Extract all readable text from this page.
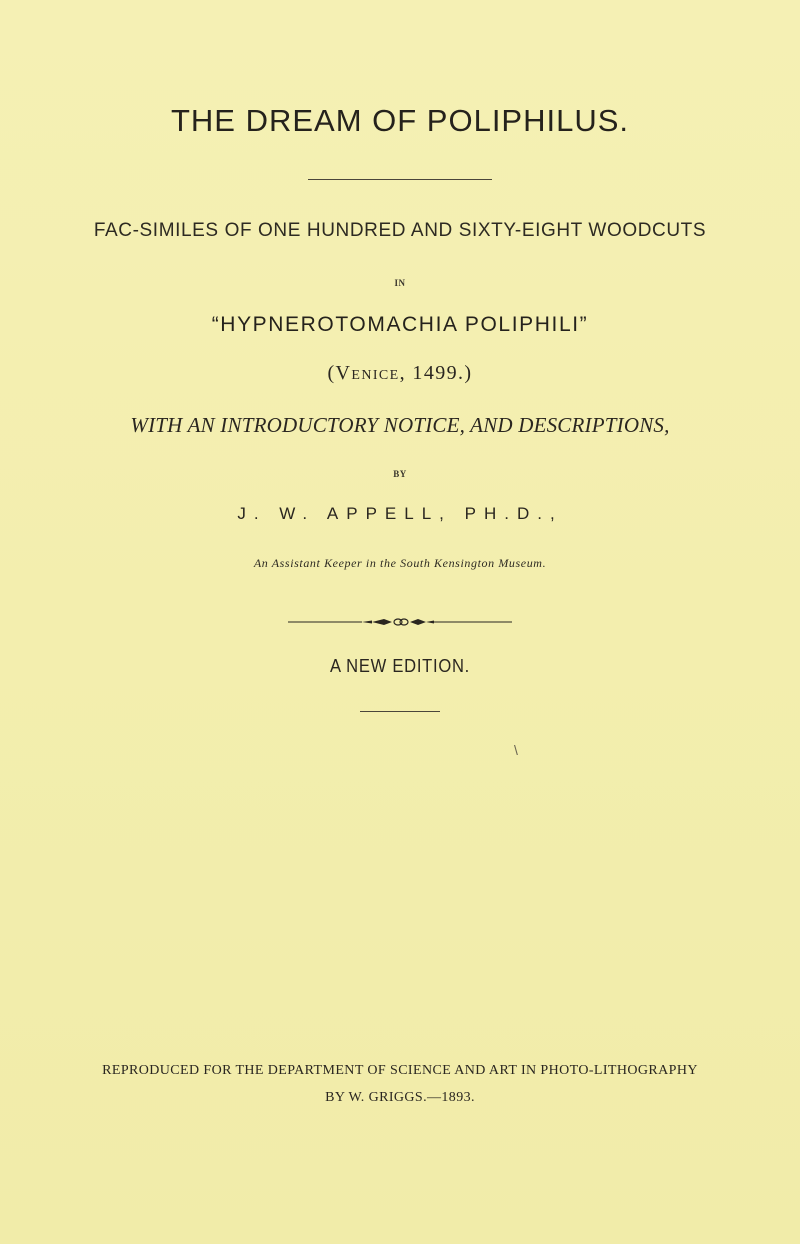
THE DREAM OF POLIPHILUS.
FAC-SIMILES OF ONE HUNDRED AND SIXTY-EIGHT WOODCUTS
IN
“HYPNEROTOMACHIA POLIPHILI”
(Venice, 1499.)
WITH AN INTRODUCTORY NOTICE, AND DESCRIPTIONS,
BY
J. W. APPELL, PH.D.,
An Assistant Keeper in the South Kensington Museum.
A NEW EDITION.
\
REPRODUCED FOR THE DEPARTMENT OF SCIENCE AND ART IN PHOTO-LITHOGRAPHY
BY W. GRIGGS.—1893.
